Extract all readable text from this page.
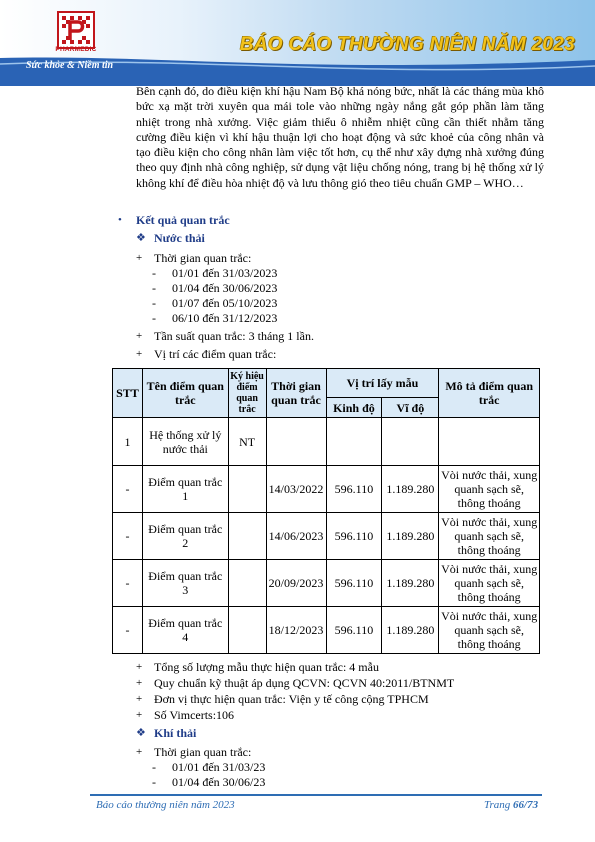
PHARMEDIC
Sức khỏe & Niềm tin
BÁO CÁO THƯỜNG NIÊN NĂM 2023
Bên cạnh đó, do điều kiện khí hậu Nam Bộ khá nóng bức, nhất là các tháng mùa khô bức xạ mặt trời xuyên qua mái tole vào những ngày nắng gắt góp phần làm tăng nhiệt trong nhà xưởng. Việc giảm thiểu ô nhiễm nhiệt cũng cần thiết nhằm tăng cường điều kiện vì khí hậu thuận lợi cho hoạt động và sức khoẻ của công nhân và tạo điều kiện cho công nhân làm việc tốt hơn, cụ thể như xây dựng nhà xưởng đúng theo quy định nhà công nghiệp, sử dụng vật liệu chống nóng, trang bị hệ thống xử lý không khí để điều hòa nhiệt độ và lưu thông gió theo tiêu chuẩn GMP – WHO…
• Kết quả quan trắc
❖ Nước thải
+ Thời gian quan trắc:
- 01/01 đến 31/03/2023
- 01/04 đến 30/06/2023
- 01/07 đến 05/10/2023
- 06/10 đến 31/12/2023
+ Tần suất quan trắc: 3 tháng 1 lần.
+ Vị trí các điểm quan trắc:
STT	Tên điểm quan trắc	Ký hiệu điểm quan trắc	Thời gian quan trắc	Vị trí lấy mẫu		Mô tả điểm quan trắc
				Kinh độ	Vĩ độ	
1	Hệ thống xử lý nước thải	NT				
-	Điểm quan trắc 1		14/03/2022	596.110	1.189.280	Vòi nước thải, xung quanh sạch sẽ, thông thoáng
-	Điểm quan trắc 2		14/06/2023	596.110	1.189.280	Vòi nước thải, xung quanh sạch sẽ, thông thoáng
-	Điểm quan trắc 3		20/09/2023	596.110	1.189.280	Vòi nước thải, xung quanh sạch sẽ, thông thoáng
-	Điểm quan trắc 4		18/12/2023	596.110	1.189.280	Vòi nước thải, xung quanh sạch sẽ, thông thoáng
+ Tổng số lượng mẫu thực hiện quan trắc: 4 mẫu
+ Quy chuẩn kỹ thuật áp dụng QCVN: QCVN 40:2011/BTNMT
+ Đơn vị thực hiện quan trắc: Viện y tế công cộng TPHCM
+ Số Vimcerts:106
❖ Khí thải
+ Thời gian quan trắc:
- 01/01 đến 31/03/23
- 01/04 đến 30/06/23
Báo cáo thường niên năm 2023	Trang 66/73
